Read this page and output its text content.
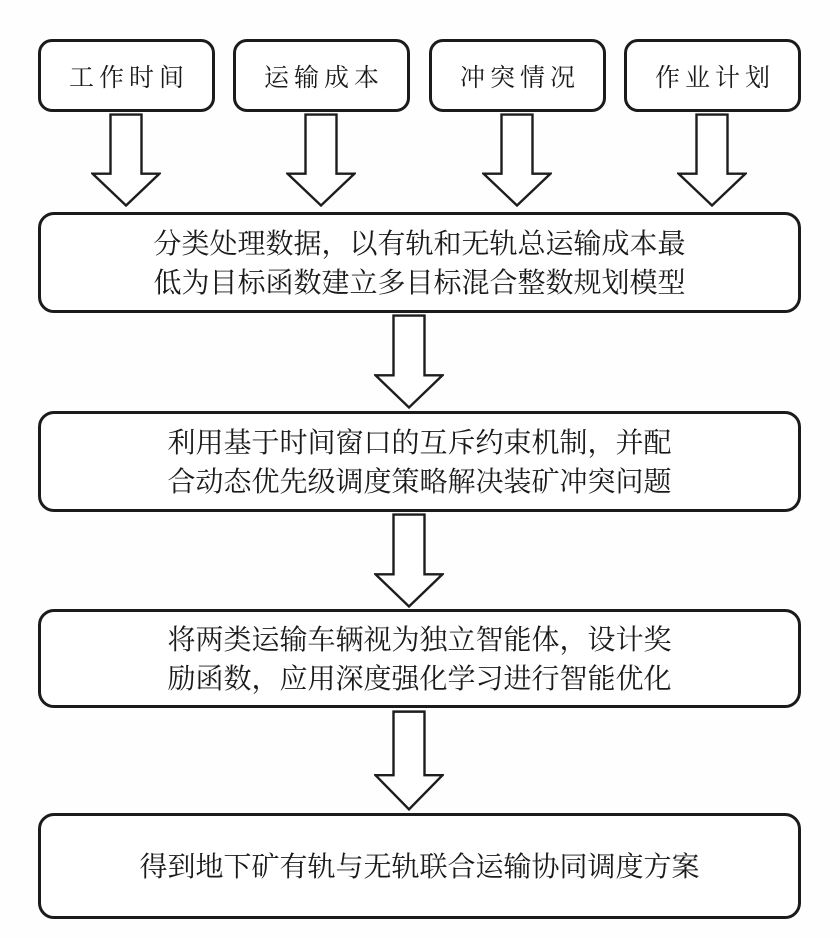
工作时间	运输成本	冲突情况	作业计划
分类处理数据，以有轨和无轨总运输成本最
低为目标函数建立多目标混合整数规划模型
利用基于时间窗口的互斥约束机制，并配
合动态优先级调度策略解决装矿冲突问题
将两类运输车辆视为独立智能体，设计奖
励函数，应用深度强化学习进行智能优化
得到地下矿有轨与无轨联合运输协同调度方案
